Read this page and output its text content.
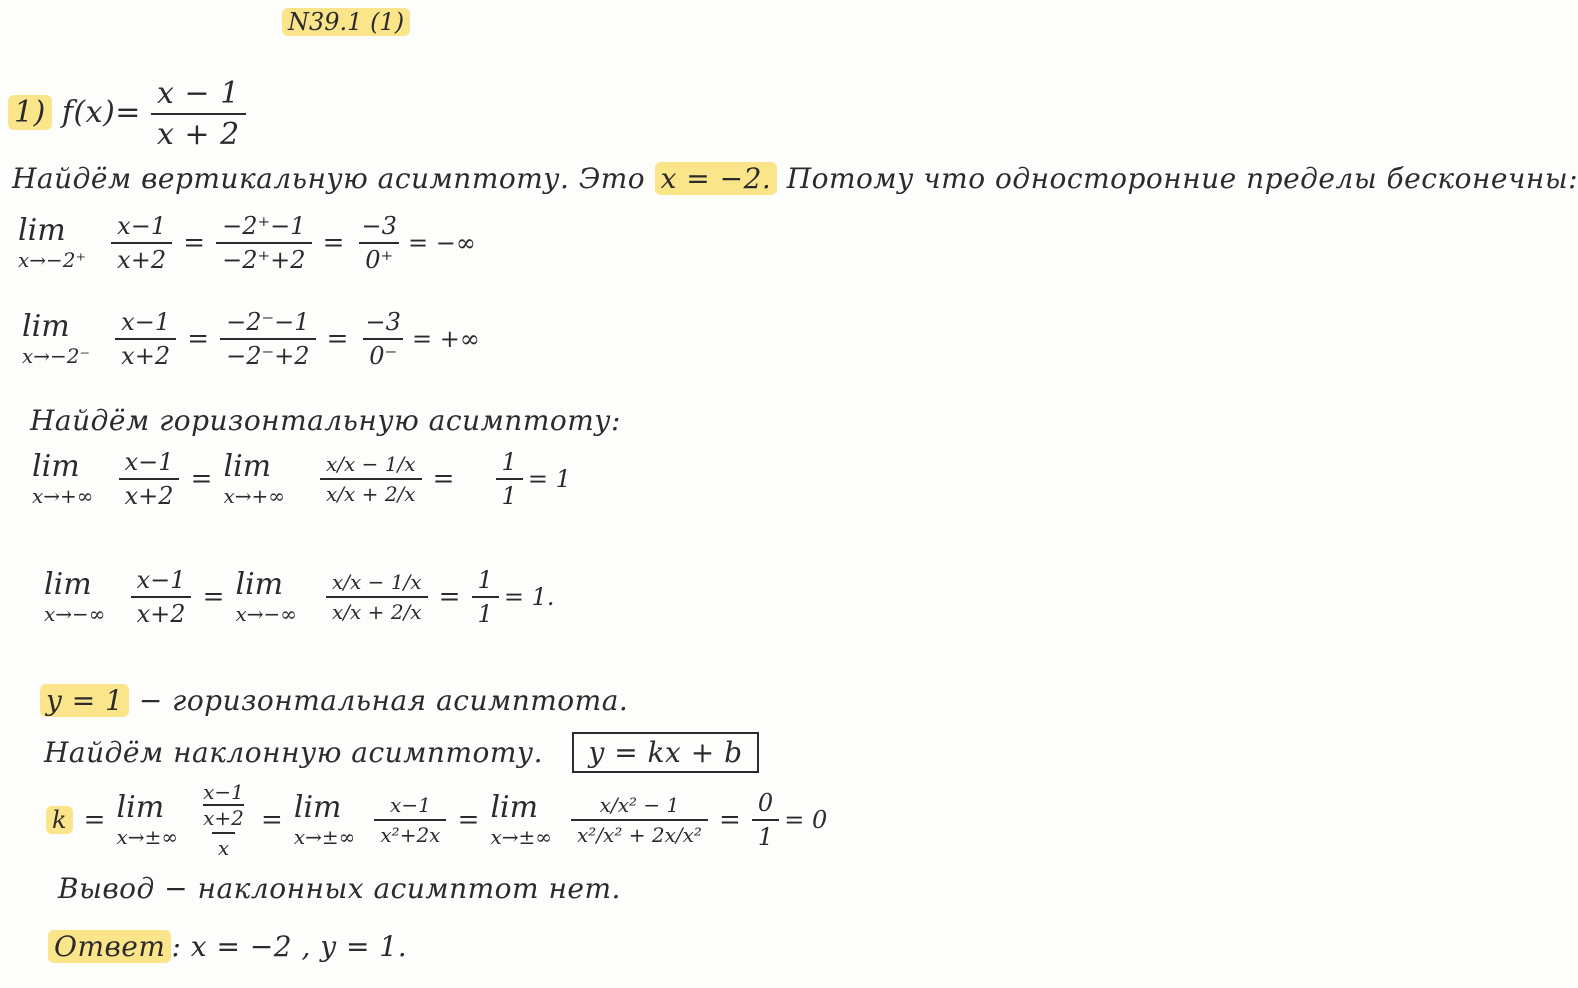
N39.1 (1)
1) $f(x)= \frac{x - 1}{x + 2}$
Найдём вертикальную асимптоту. Это x = −2. Потому что односторонние пределы бесконечны:
lim
x→−2⁺
$\frac{x-1}{x+2} = \frac{-2^+-1}{-2^++2} = \frac{-3}{0^+}$ = −∞
lim
x→−2⁻
$\frac{x-1}{x+2} = \frac{-2^--1}{-2^-+2} = \frac{-3}{0^-}$ = +∞
Найдём горизонтальную асимптоту:
lim
x→+∞
$\frac{x-1}{x+2} = \lim$
x→+∞
$\frac{x/x - 1/x}{x/x + 2/x} = \frac{1}{1} = 1$
lim
x→−∞
$\frac{x-1}{x+2} = \lim$
x→−∞
$\frac{x/x - 1/x}{x/x + 2/x} = \frac{1}{1} = 1$.
y = 1 − горизонтальная асимптота.
Найдём наклонную асимптоту. y = kx + b
k = lim
x→±∞
x−1
x+2
x = lim
x→±∞
$\frac{x-1}{\text{x²+2x}} = \lim$
x→±∞
$\frac{\text{x/x² − 1}}{\text{x²/x² + 2x/x²}} = \frac{0}{1} = 0$
Вывод − наклонных асимптот нет.
Ответ : x = −2 , y = 1.
